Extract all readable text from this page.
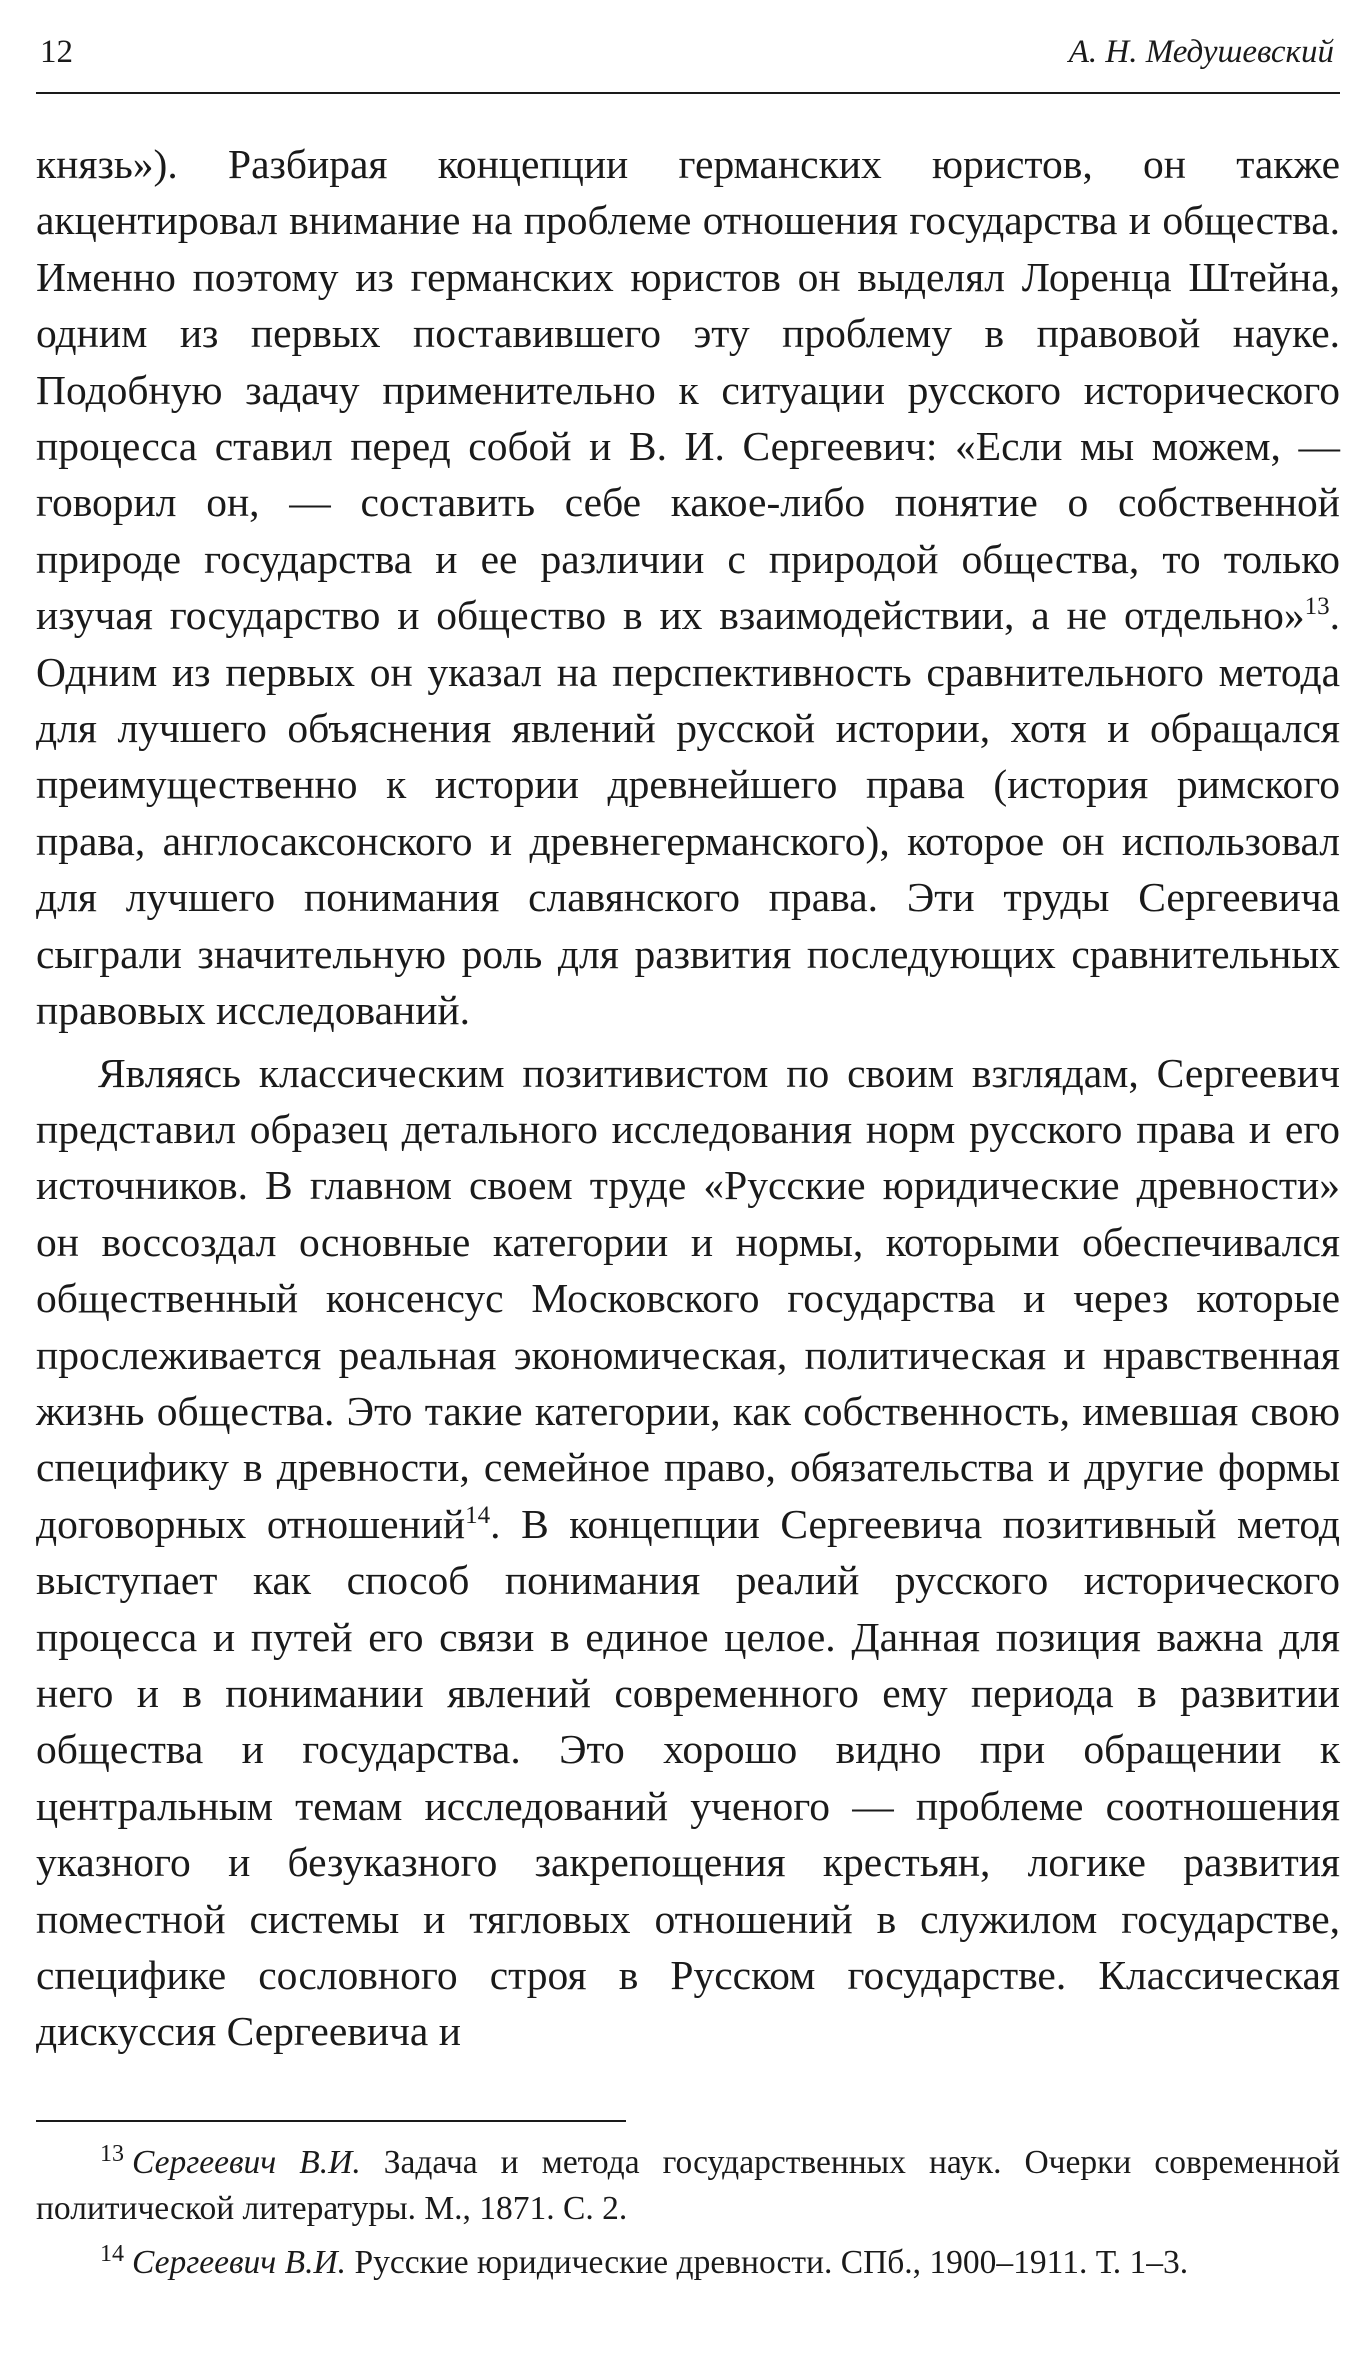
12	А. Н. Медушевский

князь»). Разбирая концепции германских юристов, он также акцентировал внимание на проблеме отношения государства и общества. Именно поэтому из германских юристов он выделял Лоренца Штейна, одним из первых поставившего эту проблему в правовой науке. Подобную задачу применительно к ситуации русского исторического процесса ставил перед собой и В. И. Сергеевич: «Если мы можем, — говорил он, — составить себе какое-либо понятие о собственной природе государства и ее различии с природой общества, то только изучая государство и общество в их взаимодействии, а не отдельно»$^{13}$. Одним из первых он указал на перспективность сравнительного метода для лучшего объяснения явлений русской истории, хотя и обращался преимущественно к истории древнейшего права (история римского права, англосаксонского и древнегерманского), которое он использовал для лучшего понимания славянского права. Эти труды Сергеевича сыграли значительную роль для развития последующих сравнительных правовых исследований.

Являясь классическим позитивистом по своим взглядам, Сергеевич представил образец детального исследования норм русского права и его источников. В главном своем труде «Русские юридические древности» он воссоздал основные категории и нормы, которыми обеспечивался общественный консенсус Московского государства и через которые прослеживается реальная экономическая, политическая и нравственная жизнь общества. Это такие категории, как собственность, имевшая свою специфику в древности, семейное право, обязательства и другие формы договорных отношений$^{14}$. В концепции Сергеевича позитивный метод выступает как способ понимания реалий русского исторического процесса и путей его связи в единое целое. Данная позиция важна для него и в понимании явлений современного ему периода в развитии общества и государства. Это хорошо видно при обращении к центральным темам исследований ученого — проблеме соотношения указного и безуказного закрепощения крестьян, логике развития поместной системы и тягловых отношений в служилом государстве, специфике сословного строя в Русском государстве. Классическая дискуссия Сергеевича и

$^{13}$ Сергеевич В.И. Задача и метода государственных наук. Очерки современной политической литературы. М., 1871. С. 2.

$^{14}$ Сергеевич В.И. Русские юридические древности. СПб., 1900–1911. Т. 1–3.
